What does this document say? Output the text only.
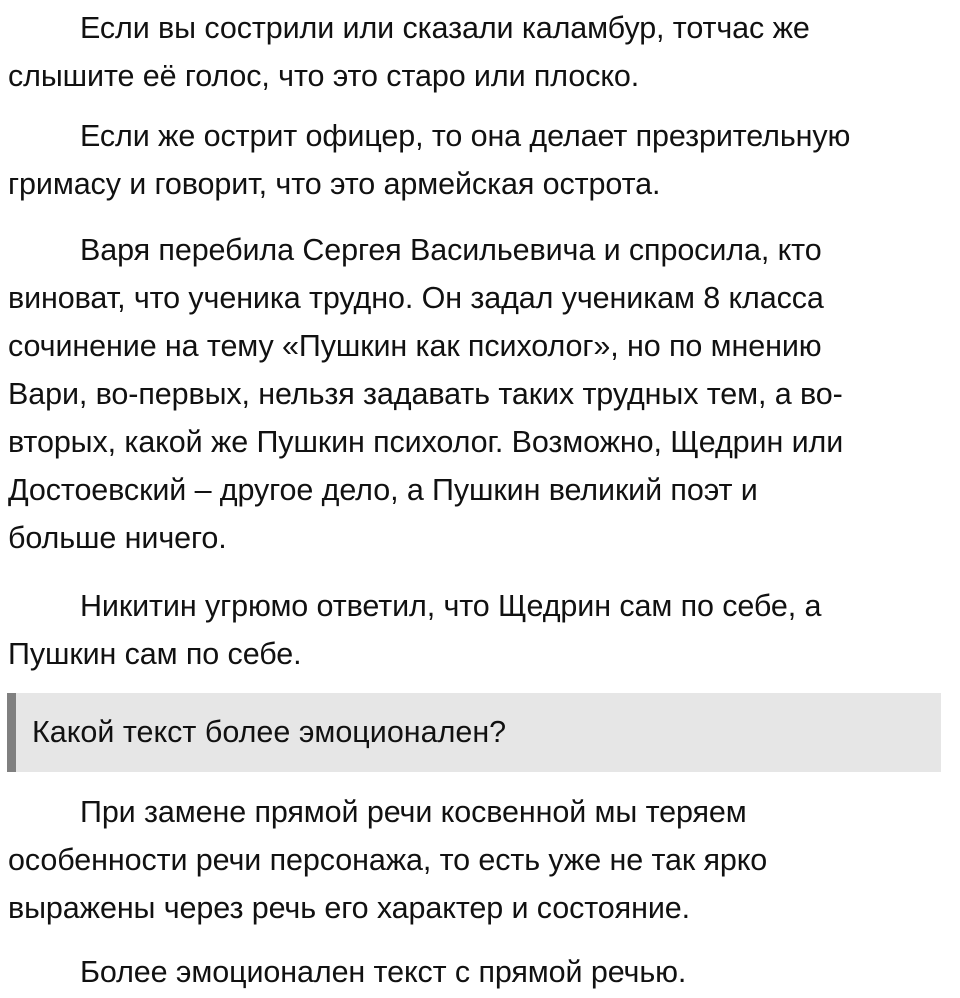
Если вы сострили или сказали каламбур, тотчас же
слышите её голос, что это старо или плоско.

Если же острит офицер, то она делает презрительную
гримасу и говорит, что это армейская острота.

Варя перебила Сергея Васильевича и спросила, кто
виноват, что ученика трудно. Он задал ученикам 8 класса
сочинение на тему «Пушкин как психолог», но по мнению
Вари, во-первых, нельзя задавать таких трудных тем, а во-
вторых, какой же Пушкин психолог. Возможно, Щедрин или
Достоевский – другое дело, а Пушкин великий поэт и
больше ничего.

Никитин угрюмо ответил, что Щедрин сам по себе, а
Пушкин сам по себе.

Какой текст более эмоционален?

При замене прямой речи косвенной мы теряем
особенности речи персонажа, то есть уже не так ярко
выражены через речь его характер и состояние.

Более эмоционален текст с прямой речью.
